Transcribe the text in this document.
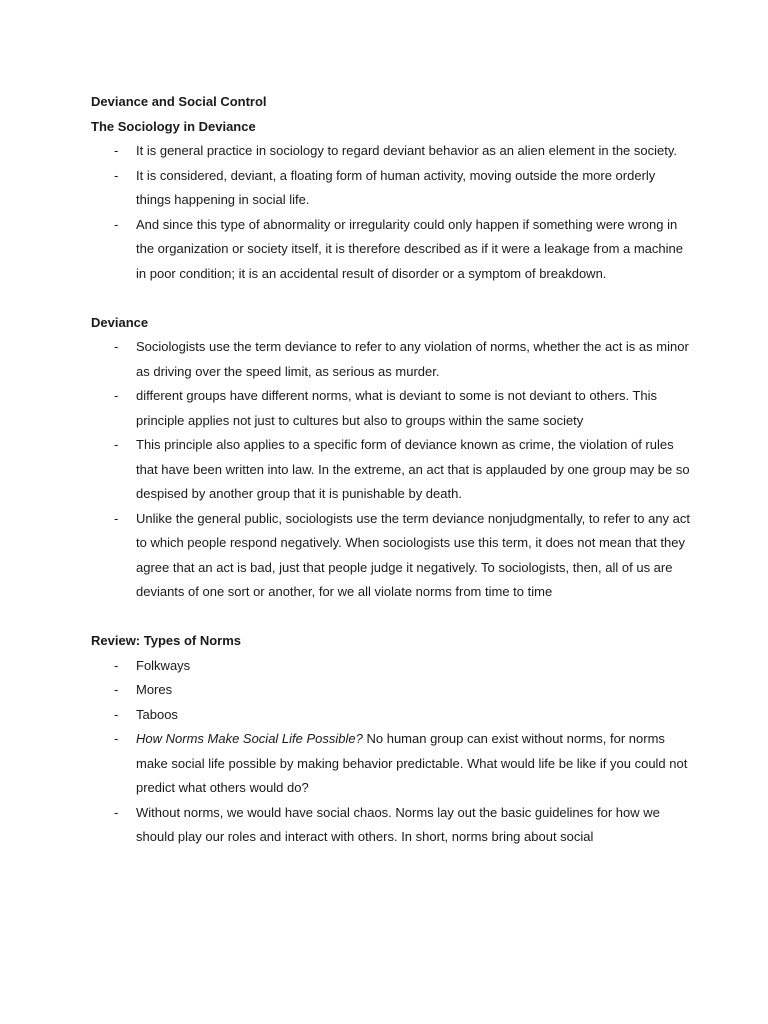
Deviance and Social Control

The Sociology in Deviance

- It is general practice in sociology to regard deviant behavior as an alien element in the society.
- It is considered, deviant, a floating form of human activity, moving outside the more orderly things happening in social life.
- And since this type of abnormality or irregularity could only happen if something were wrong in the organization or society itself, it is therefore described as if it were a leakage from a machine in poor condition; it is an accidental result of disorder or a symptom of breakdown.

Deviance

- Sociologists use the term deviance to refer to any violation of norms, whether the act is as minor as driving over the speed limit, as serious as murder.
- different groups have different norms, what is deviant to some is not deviant to others. This principle applies not just to cultures but also to groups within the same society
- This principle also applies to a specific form of deviance known as crime, the violation of rules that have been written into law. In the extreme, an act that is applauded by one group may be so despised by another group that it is punishable by death.
- Unlike the general public, sociologists use the term deviance nonjudgmentally, to refer to any act to which people respond negatively. When sociologists use this term, it does not mean that they agree that an act is bad, just that people judge it negatively. To sociologists, then, all of us are deviants of one sort or another, for we all violate norms from time to time

Review: Types of Norms

- Folkways
- Mores
- Taboos
- How Norms Make Social Life Possible? No human group can exist without norms, for norms make social life possible by making behavior predictable. What would life be like if you could not predict what others would do?
- Without norms, we would have social chaos. Norms lay out the basic guidelines for how we should play our roles and interact with others. In short, norms bring about social
